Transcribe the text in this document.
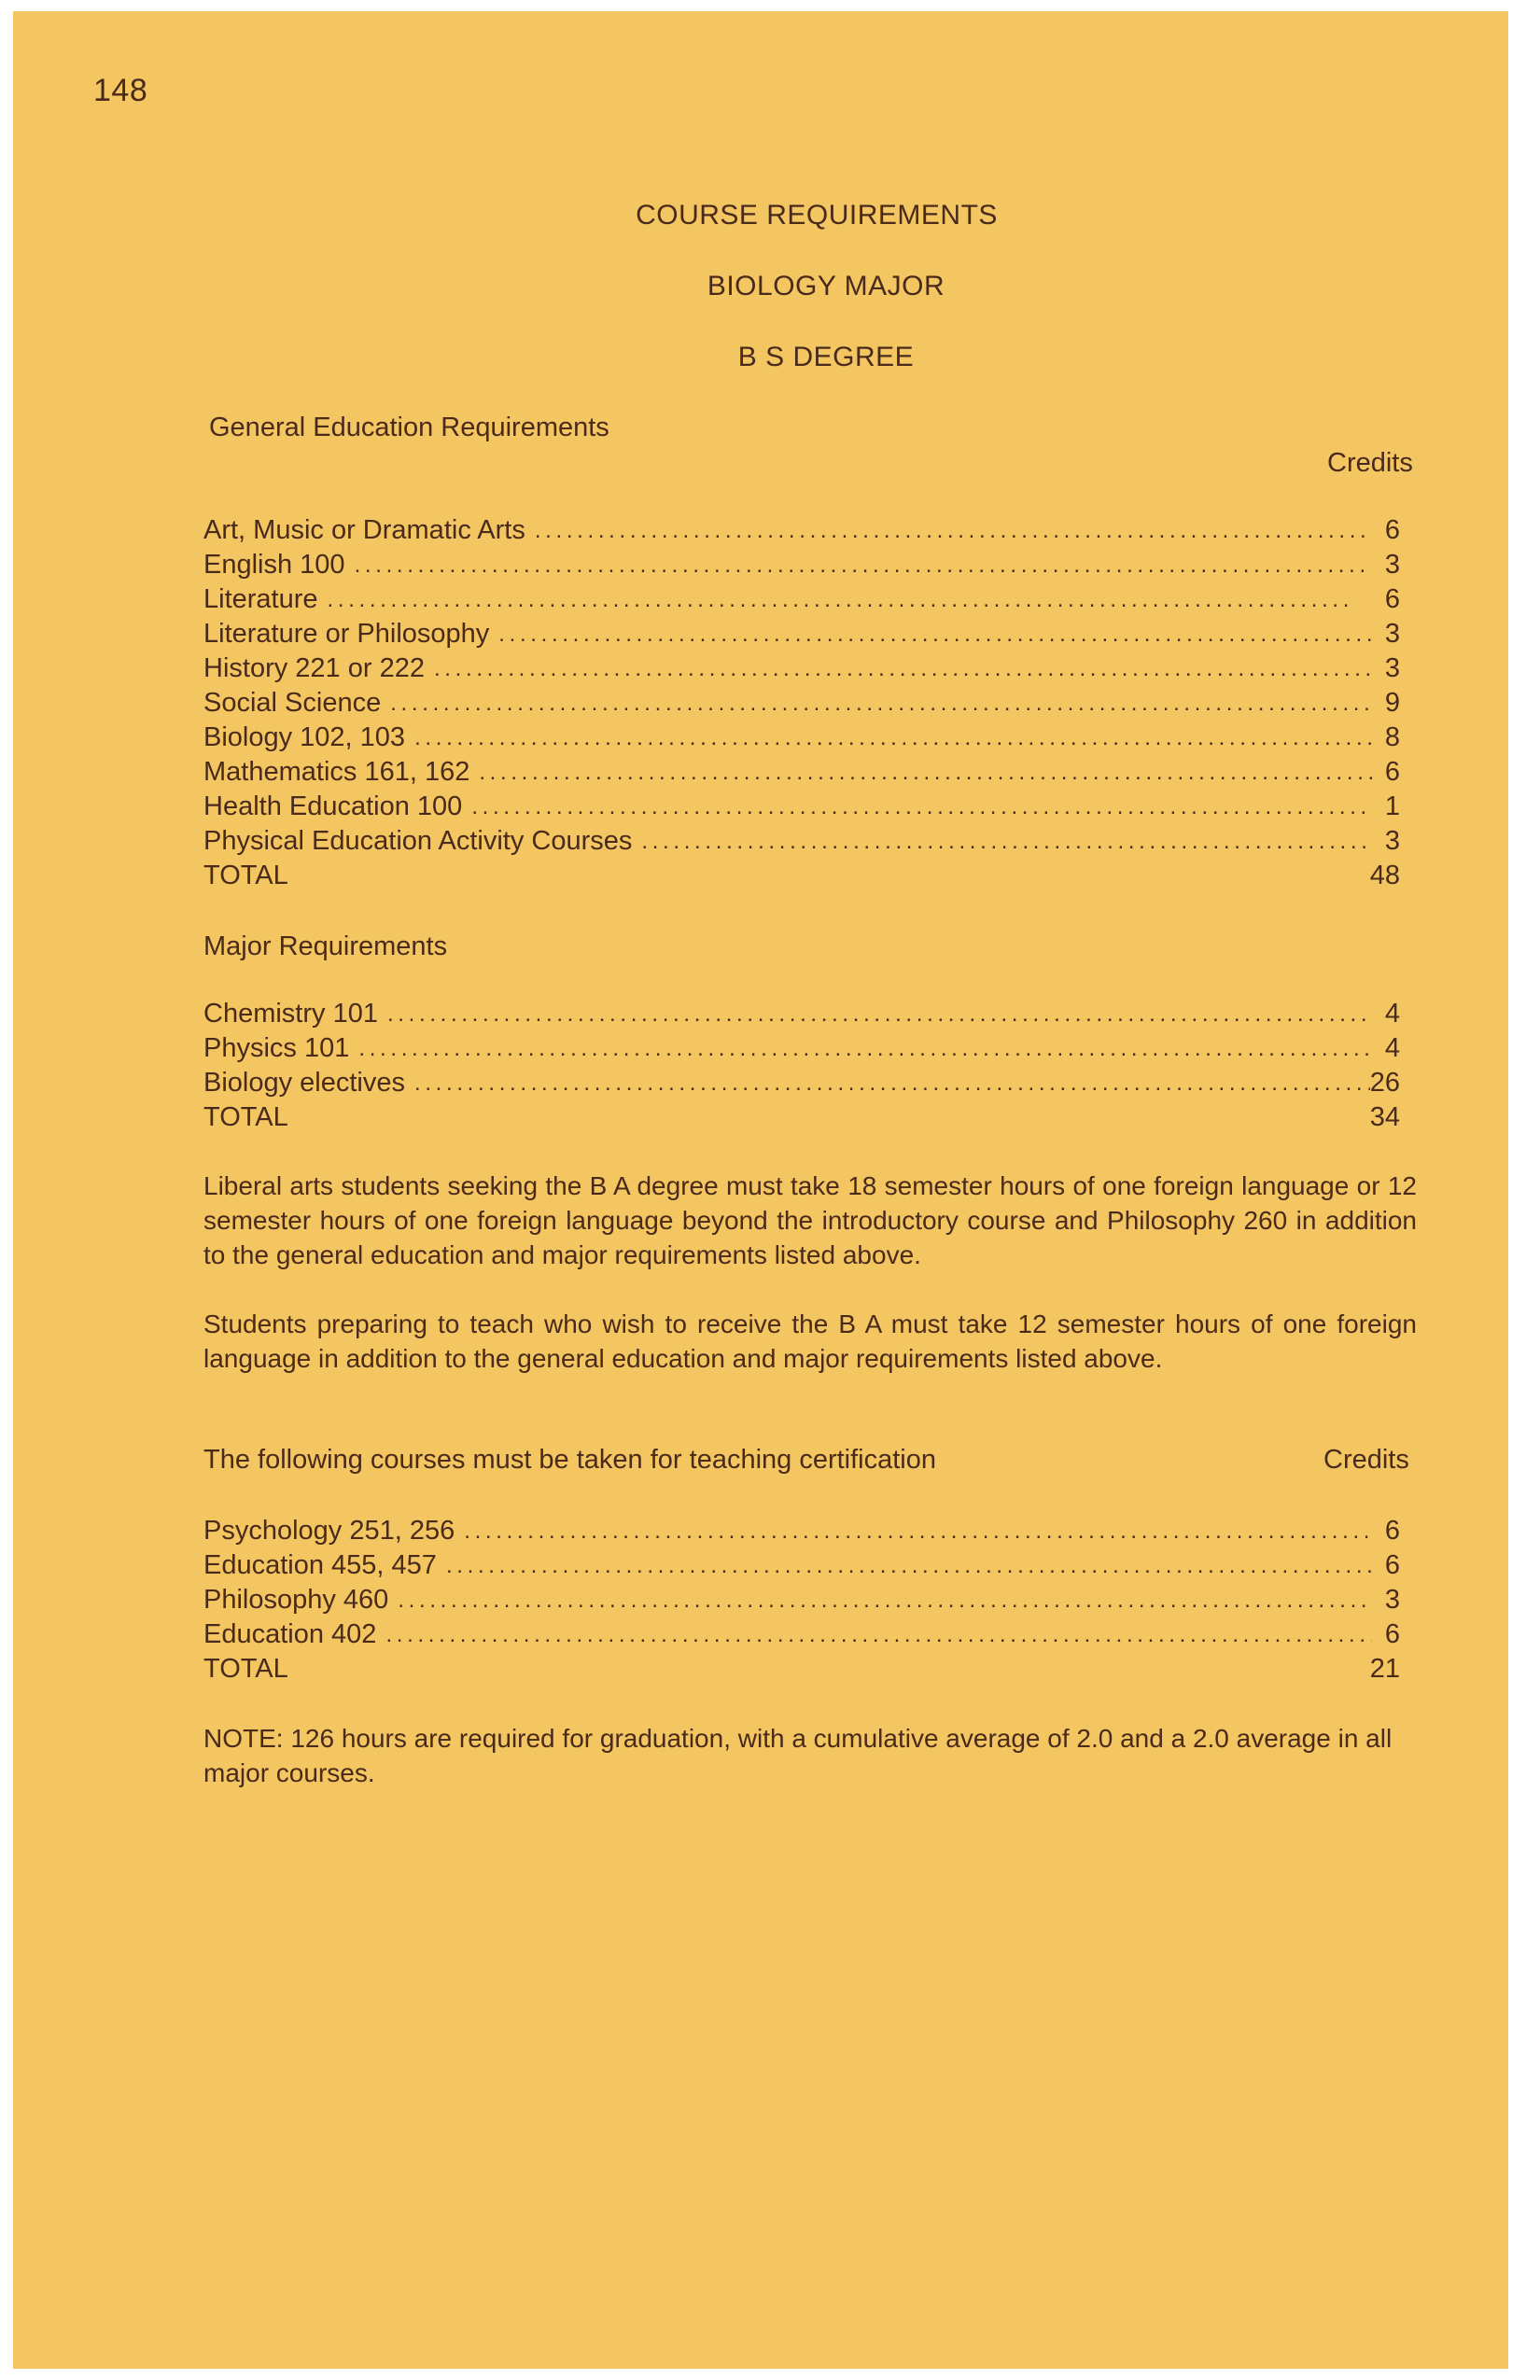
148
COURSE REQUIREMENTS
BIOLOGY MAJOR
B S DEGREE
General Education Requirements
Credits
Art, Music or Dramatic Arts . . .	6
English 100 . . .	3
Literature . . .	6
Literature or Philosophy . . .	3
History 221 or 222 . . .	3
Social Science . . .	9
Biology 102, 103 . . .	8
Mathematics 161, 162 . . .	6
Health Education 100 . . .	1
Physical Education Activity Courses . . .	3
TOTAL	48
Major Requirements
Chemistry 101 . . .	4
Physics 101 . . .	4
Biology electives . . .	26
TOTAL	34
Liberal arts students seeking the B A degree must take 18 semester hours of one foreign language or 12 semester hours of one foreign language beyond the introductory course and Philosophy 260 in addition to the general education and major requirements listed above.
Students preparing to teach who wish to receive the B A must take 12 semester hours of one foreign language in addition to the general education and major requirements listed above.
The following courses must be taken for teaching certification	Credits
Psychology 251, 256 . . .	6
Education 455, 457 . . .	6
Philosophy 460 . . .	3
Education 402 . . .	6
TOTAL	21
NOTE: 126 hours are required for graduation, with a cumulative average of 2.0 and a 2.0 average in all major courses.
